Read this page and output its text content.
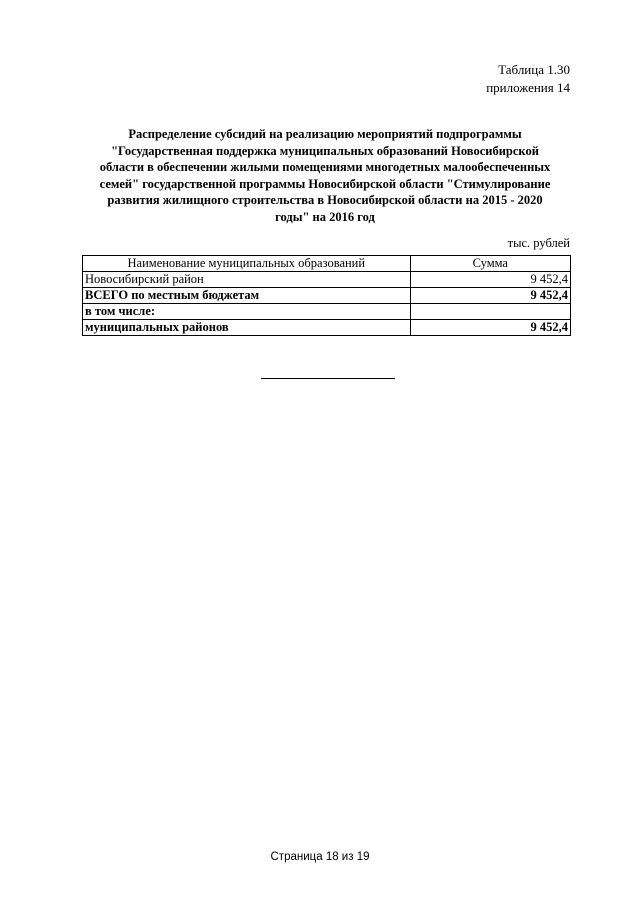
Таблица 1.30
приложения 14
Распределение субсидий на реализацию мероприятий подпрограммы
"Государственная поддержка муниципальных образований Новосибирской
области в обеспечении жилыми помещениями многодетных малообеспеченных
семей" государственной программы Новосибирской области "Стимулирование
развития жилищного строительства в Новосибирской области на 2015 - 2020
годы" на 2016 год
тыс. рублей
Наименование муниципальных образований	Сумма
Новосибирский район	9 452,4
ВСЕГО по местным бюджетам	9 452,4
в том числе:	
муниципальных районов	9 452,4
Страница 18 из 19
